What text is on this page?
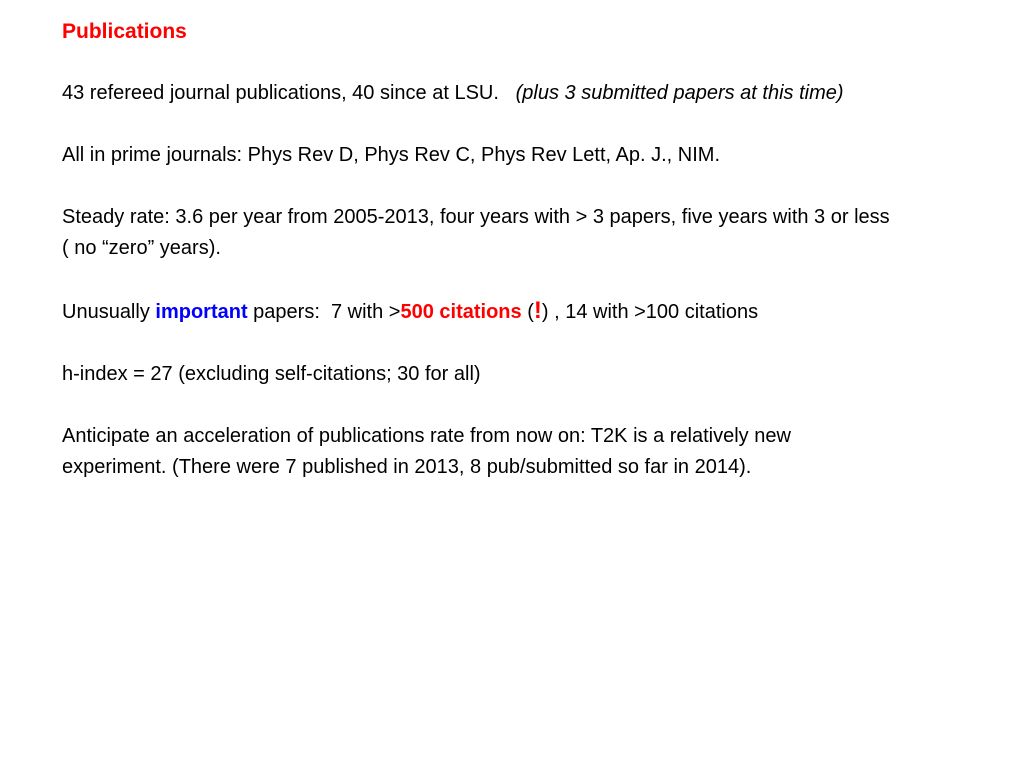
Publications
43 refereed journal publications, 40 since at LSU. (plus 3 submitted papers at this time)
All in prime journals: Phys Rev D, Phys Rev C, Phys Rev Lett, Ap. J., NIM.
Steady rate: 3.6 per year from 2005-2013, four years with > 3 papers, five years with 3 or less ( no “zero” years).
Unusually important papers:  7 with >500 citations (!) , 14 with >100 citations
h-index = 27 (excluding self-citations; 30 for all)
Anticipate an acceleration of publications rate from now on: T2K is a relatively new experiment. (There were 7 published in 2013, 8 pub/submitted so far in 2014).
